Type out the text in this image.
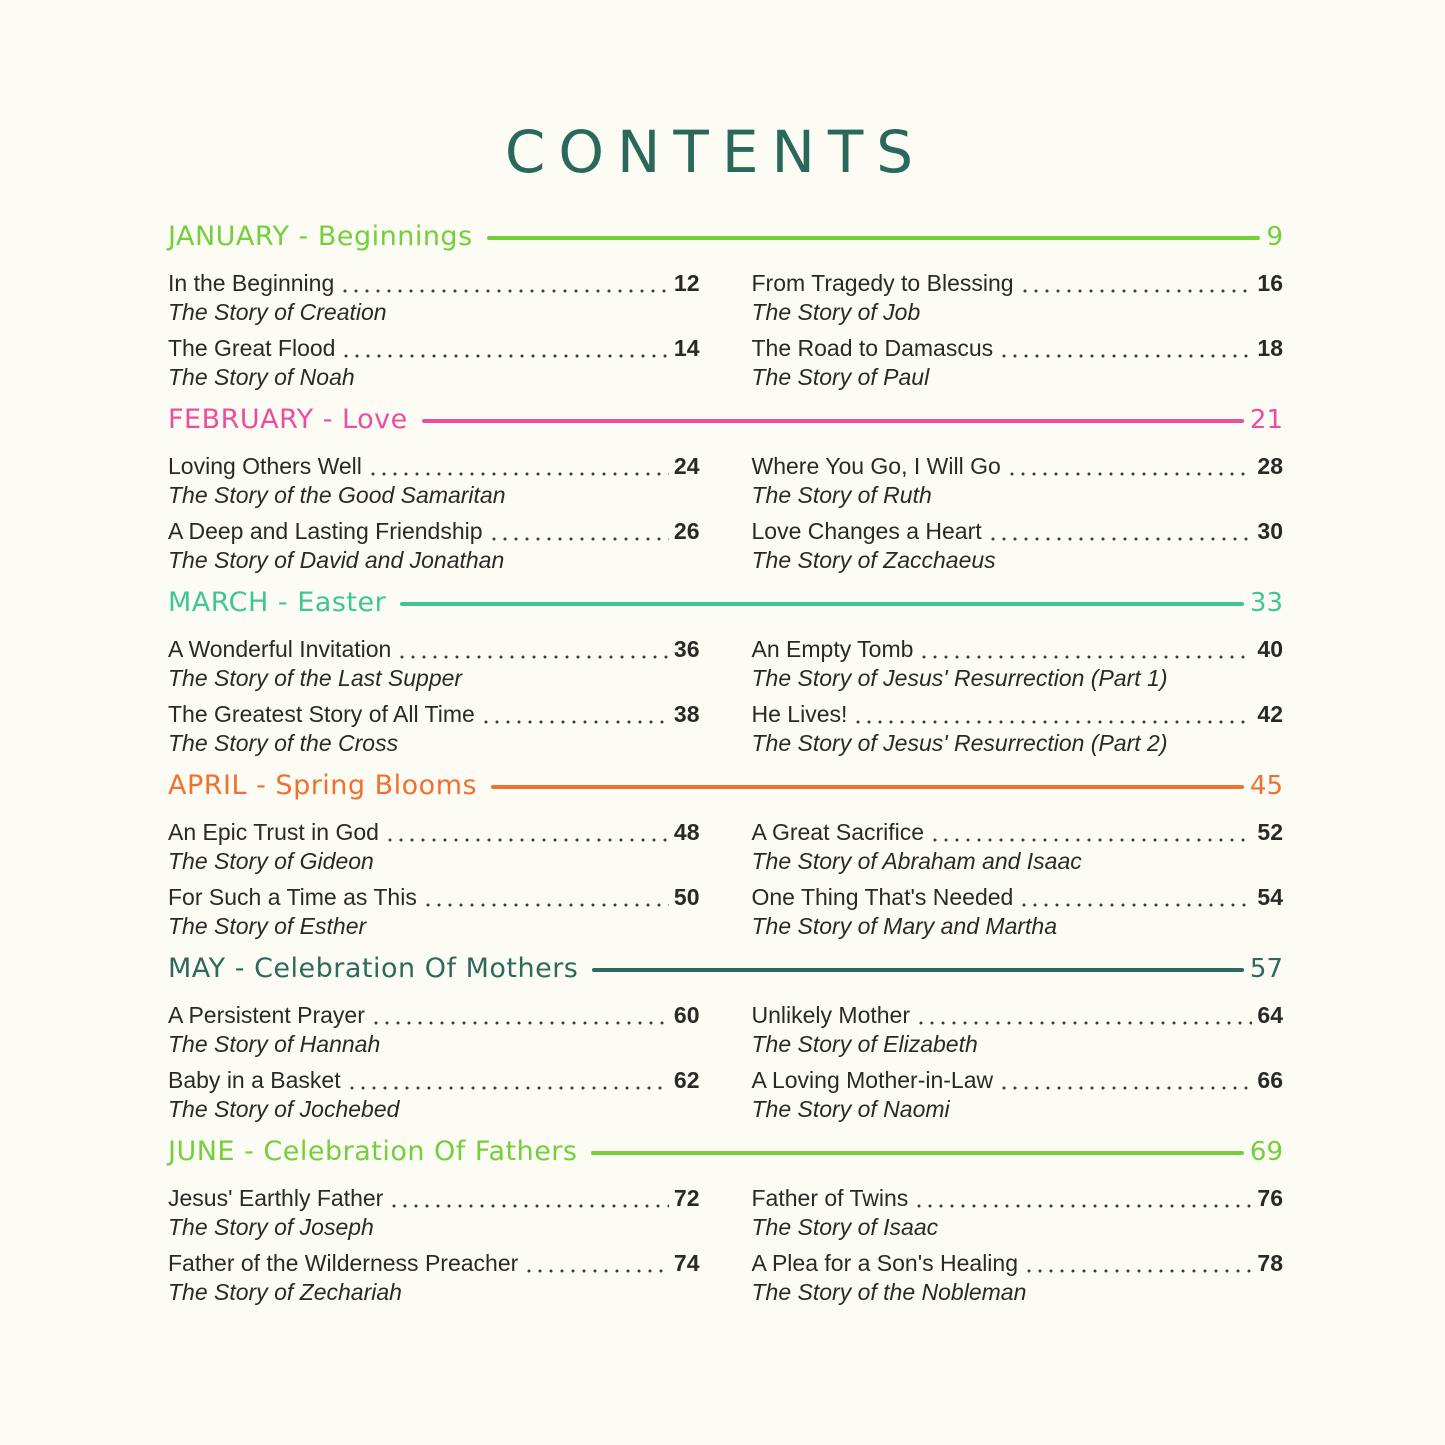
CONTENTS
JANUARY - Beginnings	9
In the Beginning	12
The Story of Creation
The Great Flood	14
The Story of Noah
From Tragedy to Blessing	16
The Story of Job
The Road to Damascus	18
The Story of Paul
FEBRUARY - Love	21
Loving Others Well	24
The Story of the Good Samaritan
A Deep and Lasting Friendship	26
The Story of David and Jonathan
Where You Go, I Will Go	28
The Story of Ruth
Love Changes a Heart	30
The Story of Zacchaeus
MARCH - Easter	33
A Wonderful Invitation	36
The Story of the Last Supper
The Greatest Story of All Time	38
The Story of the Cross
An Empty Tomb	40
The Story of Jesus' Resurrection (Part 1)
He Lives!	42
The Story of Jesus' Resurrection (Part 2)
APRIL - Spring Blooms	45
An Epic Trust in God	48
The Story of Gideon
For Such a Time as This	50
The Story of Esther
A Great Sacrifice	52
The Story of Abraham and Isaac
One Thing That's Needed	54
The Story of Mary and Martha
MAY - Celebration Of Mothers	57
A Persistent Prayer	60
The Story of Hannah
Baby in a Basket	62
The Story of Jochebed
Unlikely Mother	64
The Story of Elizabeth
A Loving Mother-in-Law	66
The Story of Naomi
JUNE - Celebration Of Fathers	69
Jesus' Earthly Father	72
The Story of Joseph
Father of the Wilderness Preacher	74
The Story of Zechariah
Father of Twins	76
The Story of Isaac
A Plea for a Son's Healing	78
The Story of the Nobleman
